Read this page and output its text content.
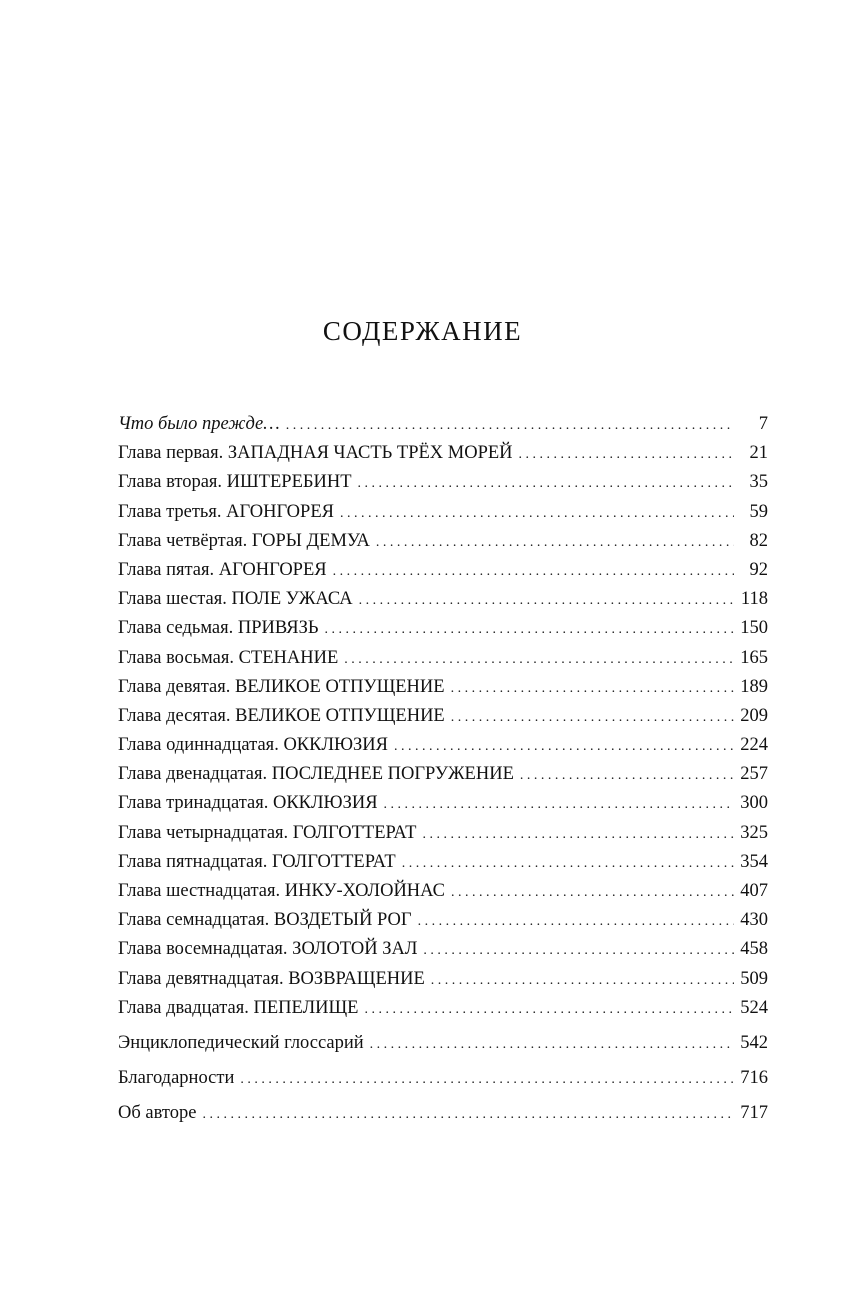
СОДЕРЖАНИЕ
Что было прежде… . . .	7
Глава первая. ЗАПАДНАЯ ЧАСТЬ ТРЁХ МОРЕЙ . . .	21
Глава вторая. ИШТЕРЕБИНТ . . .	35
Глава третья. АГОНГОРЕЯ . . .	59
Глава четвёртая. ГОРЫ ДЕМУА . . .	82
Глава пятая. АГОНГОРЕЯ . . .	92
Глава шестая. ПОЛЕ УЖАСА . . .	118
Глава седьмая. ПРИВЯЗЬ . . .	150
Глава восьмая. СТЕНАНИЕ . . .	165
Глава девятая. ВЕЛИКОЕ ОТПУЩЕНИЕ . . .	189
Глава десятая. ВЕЛИКОЕ ОТПУЩЕНИЕ . . .	209
Глава одиннадцатая. ОККЛЮЗИЯ . . .	224
Глава двенадцатая. ПОСЛЕДНЕЕ ПОГРУЖЕНИЕ . . .	257
Глава тринадцатая. ОККЛЮЗИЯ . . .	300
Глава четырнадцатая. ГОЛГОТТЕРАТ . . .	325
Глава пятнадцатая. ГОЛГОТТЕРАТ . . .	354
Глава шестнадцатая. ИНКУ-ХОЛОЙНАС . . .	407
Глава семнадцатая. ВОЗДЕТЫЙ РОГ . . .	430
Глава восемнадцатая. ЗОЛОТОЙ ЗАЛ . . .	458
Глава девятнадцатая. ВОЗВРАЩЕНИЕ . . .	509
Глава двадцатая. ПЕПЕЛИЩЕ . . .	524
Энциклопедический глоссарий . . .	542
Благодарности . . .	716
Об авторе . . .	717
